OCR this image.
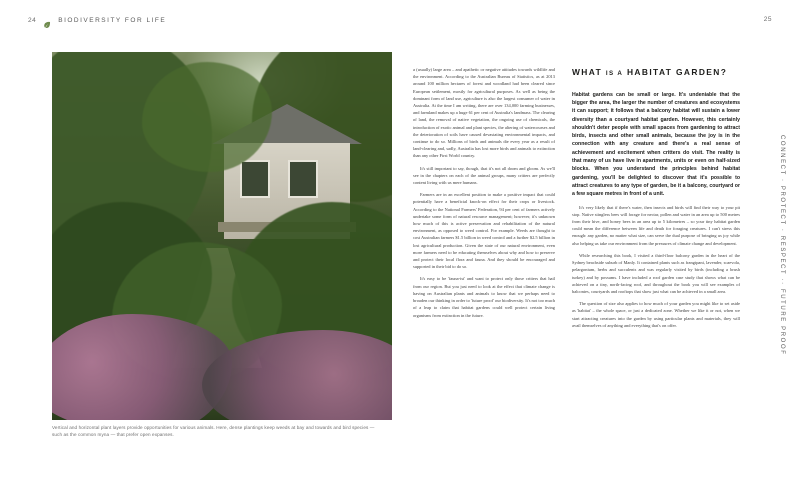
24	BIODIVERSITY FOR LIFE	25
CONNECT · PROTECT · RESPECT ·· FUTURE PROOF
Vertical and horizontal plant layers provide opportunities for various animals. Here, dense plantings keep weeds at bay and towards and bird species — such as the common myna — that prefer open expanses.

a (usually) large area – and apathetic or negative attitudes towards wildlife and the environment. According to the Australian Bureau of Statistics, as at 2013 around 100 million hectares of forest and woodland had been cleared since European settlement, mostly for agricultural purposes. As well as being the dominant form of land use, agriculture is also the largest consumer of water in Australia. At the time I am writing, there are over 134,000 farming businesses, and farmland makes up a huge 61 per cent of Australia's landmass. The clearing of land, the removal of native vegetation, the ongoing use of chemicals, the introduction of exotic animal and plant species, the altering of watercourses and the deterioration of soils have caused devastating environmental impacts, and continue to do so. Millions of birds and animals die every year as a result of land-clearing and, sadly, Australia has lost more birds and animals to extinction than any other First World country.

It's still important to say, though, that it's not all doom and gloom. As we'll see in the chapters on each of the animal groups, many critters are perfectly content living with us mere humans.

Farmers are in an excellent position to make a positive impact that could potentially have a beneficial knock-on effect for their crops or livestock. According to the National Farmers' Federation, 94 per cent of farmers actively undertake some form of natural resource management; however, it's unknown how much of this is active preservation and rehabilitation of the natural environment, as opposed to weed control. For example. Weeds are thought to cost Australian farmers $1.5 billion in weed control and a further $2.5 billion in lost agricultural production. Given the state of our natural environment, even more farmers need to be educating themselves about why and how to preserve and protect their local flora and fauna. And they should be encouraged and supported in their bid to do so.

It's easy to be 'fauna-ist' and want to protect only those critters that hail from our region. But you just need to look at the effect that climate change is having on Australian plants and animals to know that we perhaps need to broaden our thinking in order to 'future proof' our biodiversity. It's not too much of a leap to claim that habitat gardens could well protect certain living organisms from extinction in the future.

WHAT IS A HABITAT GARDEN?

Habitat gardens can be small or large. It's undeniable that the bigger the area, the larger the number of creatures and ecosystems it can support; it follows that a balcony habitat will sustain a lower diversity than a courtyard habitat garden. However, this certainly shouldn't deter people with small spaces from gardening to attract birds, insects and other small animals, because the joy is in the connection with any creature and there's a real sense of achievement and excitement when critters do visit. The reality is that many of us have live in apartments, units or even on half-sized blocks. When you understand the principles behind habitat gardening, you'll be delighted to discover that it's possible to attract creatures to any type of garden, be it a balcony, courtyard or a few square metres in front of a unit.

It's very likely that if there's water, then insects and birds will find their way to your pit stop. Native stingless bees will forage for nectar, pollen and water in an area up to 500 metres from their hive, and honey bees in an area up to 5 kilometres – so your tiny habitat garden could mean the difference between life and death for foraging creatures. I can't stress this enough: any garden, no matter what size, can serve the dual purpose of bringing us joy while also helping us take our environment from the pressures of climate change and development.

While researching this book, I visited a third-floor balcony garden in the heart of the Sydney beachside suburb of Manly. It contained plants such as frangipani, lavender, scaevola, pelargonium, herbs and succulents and was regularly visited by birds (including a brush turkey) and by possums. I have included a roof garden case study that shows what can be achieved on a tiny, north-facing roof, and throughout the book you will see examples of balconies, courtyards and rooftops that show just what can be achieved in a small area.

The question of size also applies to how much of your garden you might like to set aside as 'habitat' – the whole space, or just a dedicated zone. Whether we like it or not, when we start attracting creatures into the garden by using particular plants and materials, they will avail themselves of anything and everything that's on offer.
